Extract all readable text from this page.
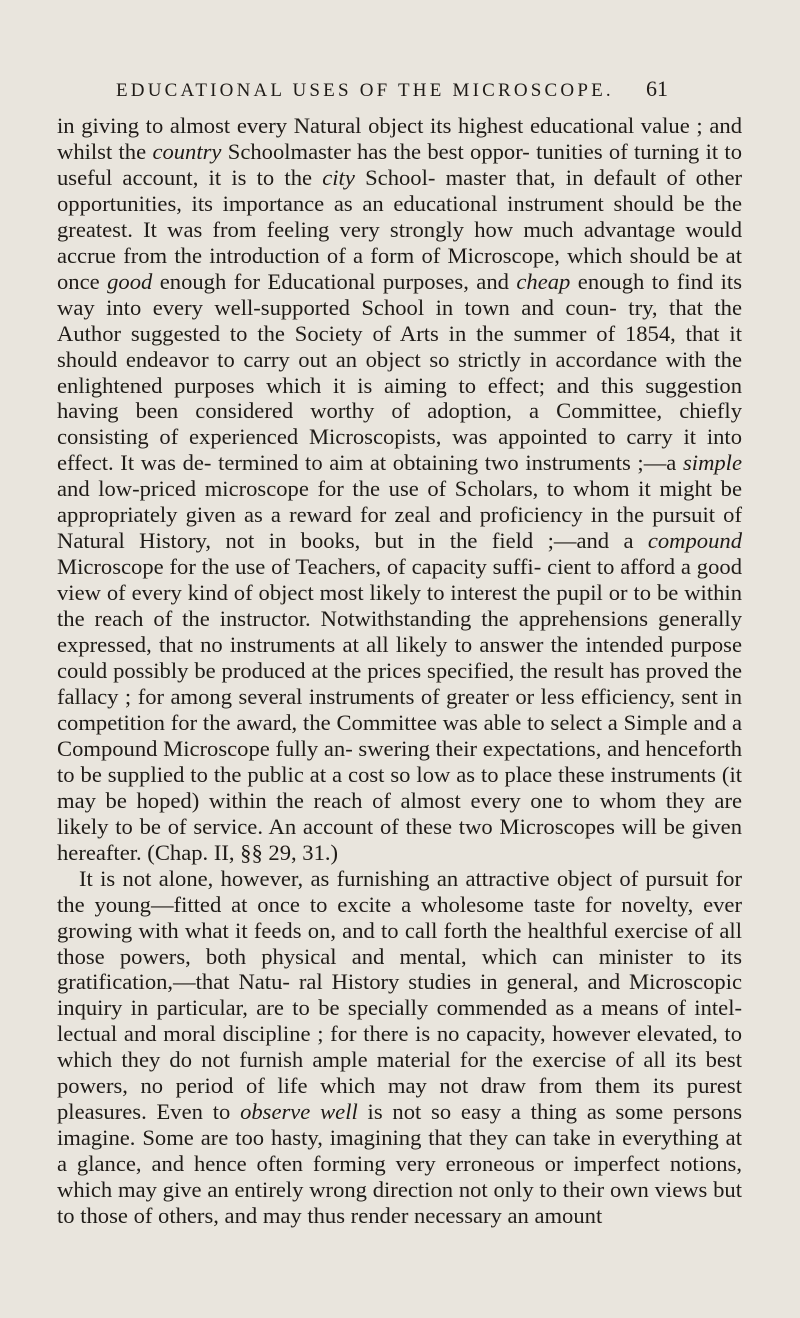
EDUCATIONAL USES OF THE MICROSCOPE.	61

in giving to almost every Natural object its highest educational value ; and whilst the country Schoolmaster has the best oppor- tunities of turning it to useful account, it is to the city School- master that, in default of other opportunities, its importance as an educational instrument should be the greatest. It was from feeling very strongly how much advantage would accrue from the introduction of a form of Microscope, which should be at once good enough for Educational purposes, and cheap enough to find its way into every well-supported School in town and coun- try, that the Author suggested to the Society of Arts in the summer of 1854, that it should endeavor to carry out an object so strictly in accordance with the enlightened purposes which it is aiming to effect; and this suggestion having been considered worthy of adoption, a Committee, chiefly consisting of experienced Microscopists, was appointed to carry it into effect. It was de- termined to aim at obtaining two instruments ;—a simple and low-priced microscope for the use of Scholars, to whom it might be appropriately given as a reward for zeal and proficiency in the pursuit of Natural History, not in books, but in the field ;—and a compound Microscope for the use of Teachers, of capacity suffi- cient to afford a good view of every kind of object most likely to interest the pupil or to be within the reach of the instructor. Notwithstanding the apprehensions generally expressed, that no instruments at all likely to answer the intended purpose could possibly be produced at the prices specified, the result has proved the fallacy ; for among several instruments of greater or less efficiency, sent in competition for the award, the Committee was able to select a Simple and a Compound Microscope fully an- swering their expectations, and henceforth to be supplied to the public at a cost so low as to place these instruments (it may be hoped) within the reach of almost every one to whom they are likely to be of service. An account of these two Microscopes will be given hereafter. (Chap. II, §§ 29, 31.)

It is not alone, however, as furnishing an attractive object of pursuit for the young—fitted at once to excite a wholesome taste for novelty, ever growing with what it feeds on, and to call forth the healthful exercise of all those powers, both physical and mental, which can minister to its gratification,—that Natu- ral History studies in general, and Microscopic inquiry in particular, are to be specially commended as a means of intel- lectual and moral discipline ; for there is no capacity, however elevated, to which they do not furnish ample material for the exercise of all its best powers, no period of life which may not draw from them its purest pleasures. Even to observe well is not so easy a thing as some persons imagine. Some are too hasty, imagining that they can take in everything at a glance, and hence often forming very erroneous or imperfect notions, which may give an entirely wrong direction not only to their own views but to those of others, and may thus render necessary an amount
